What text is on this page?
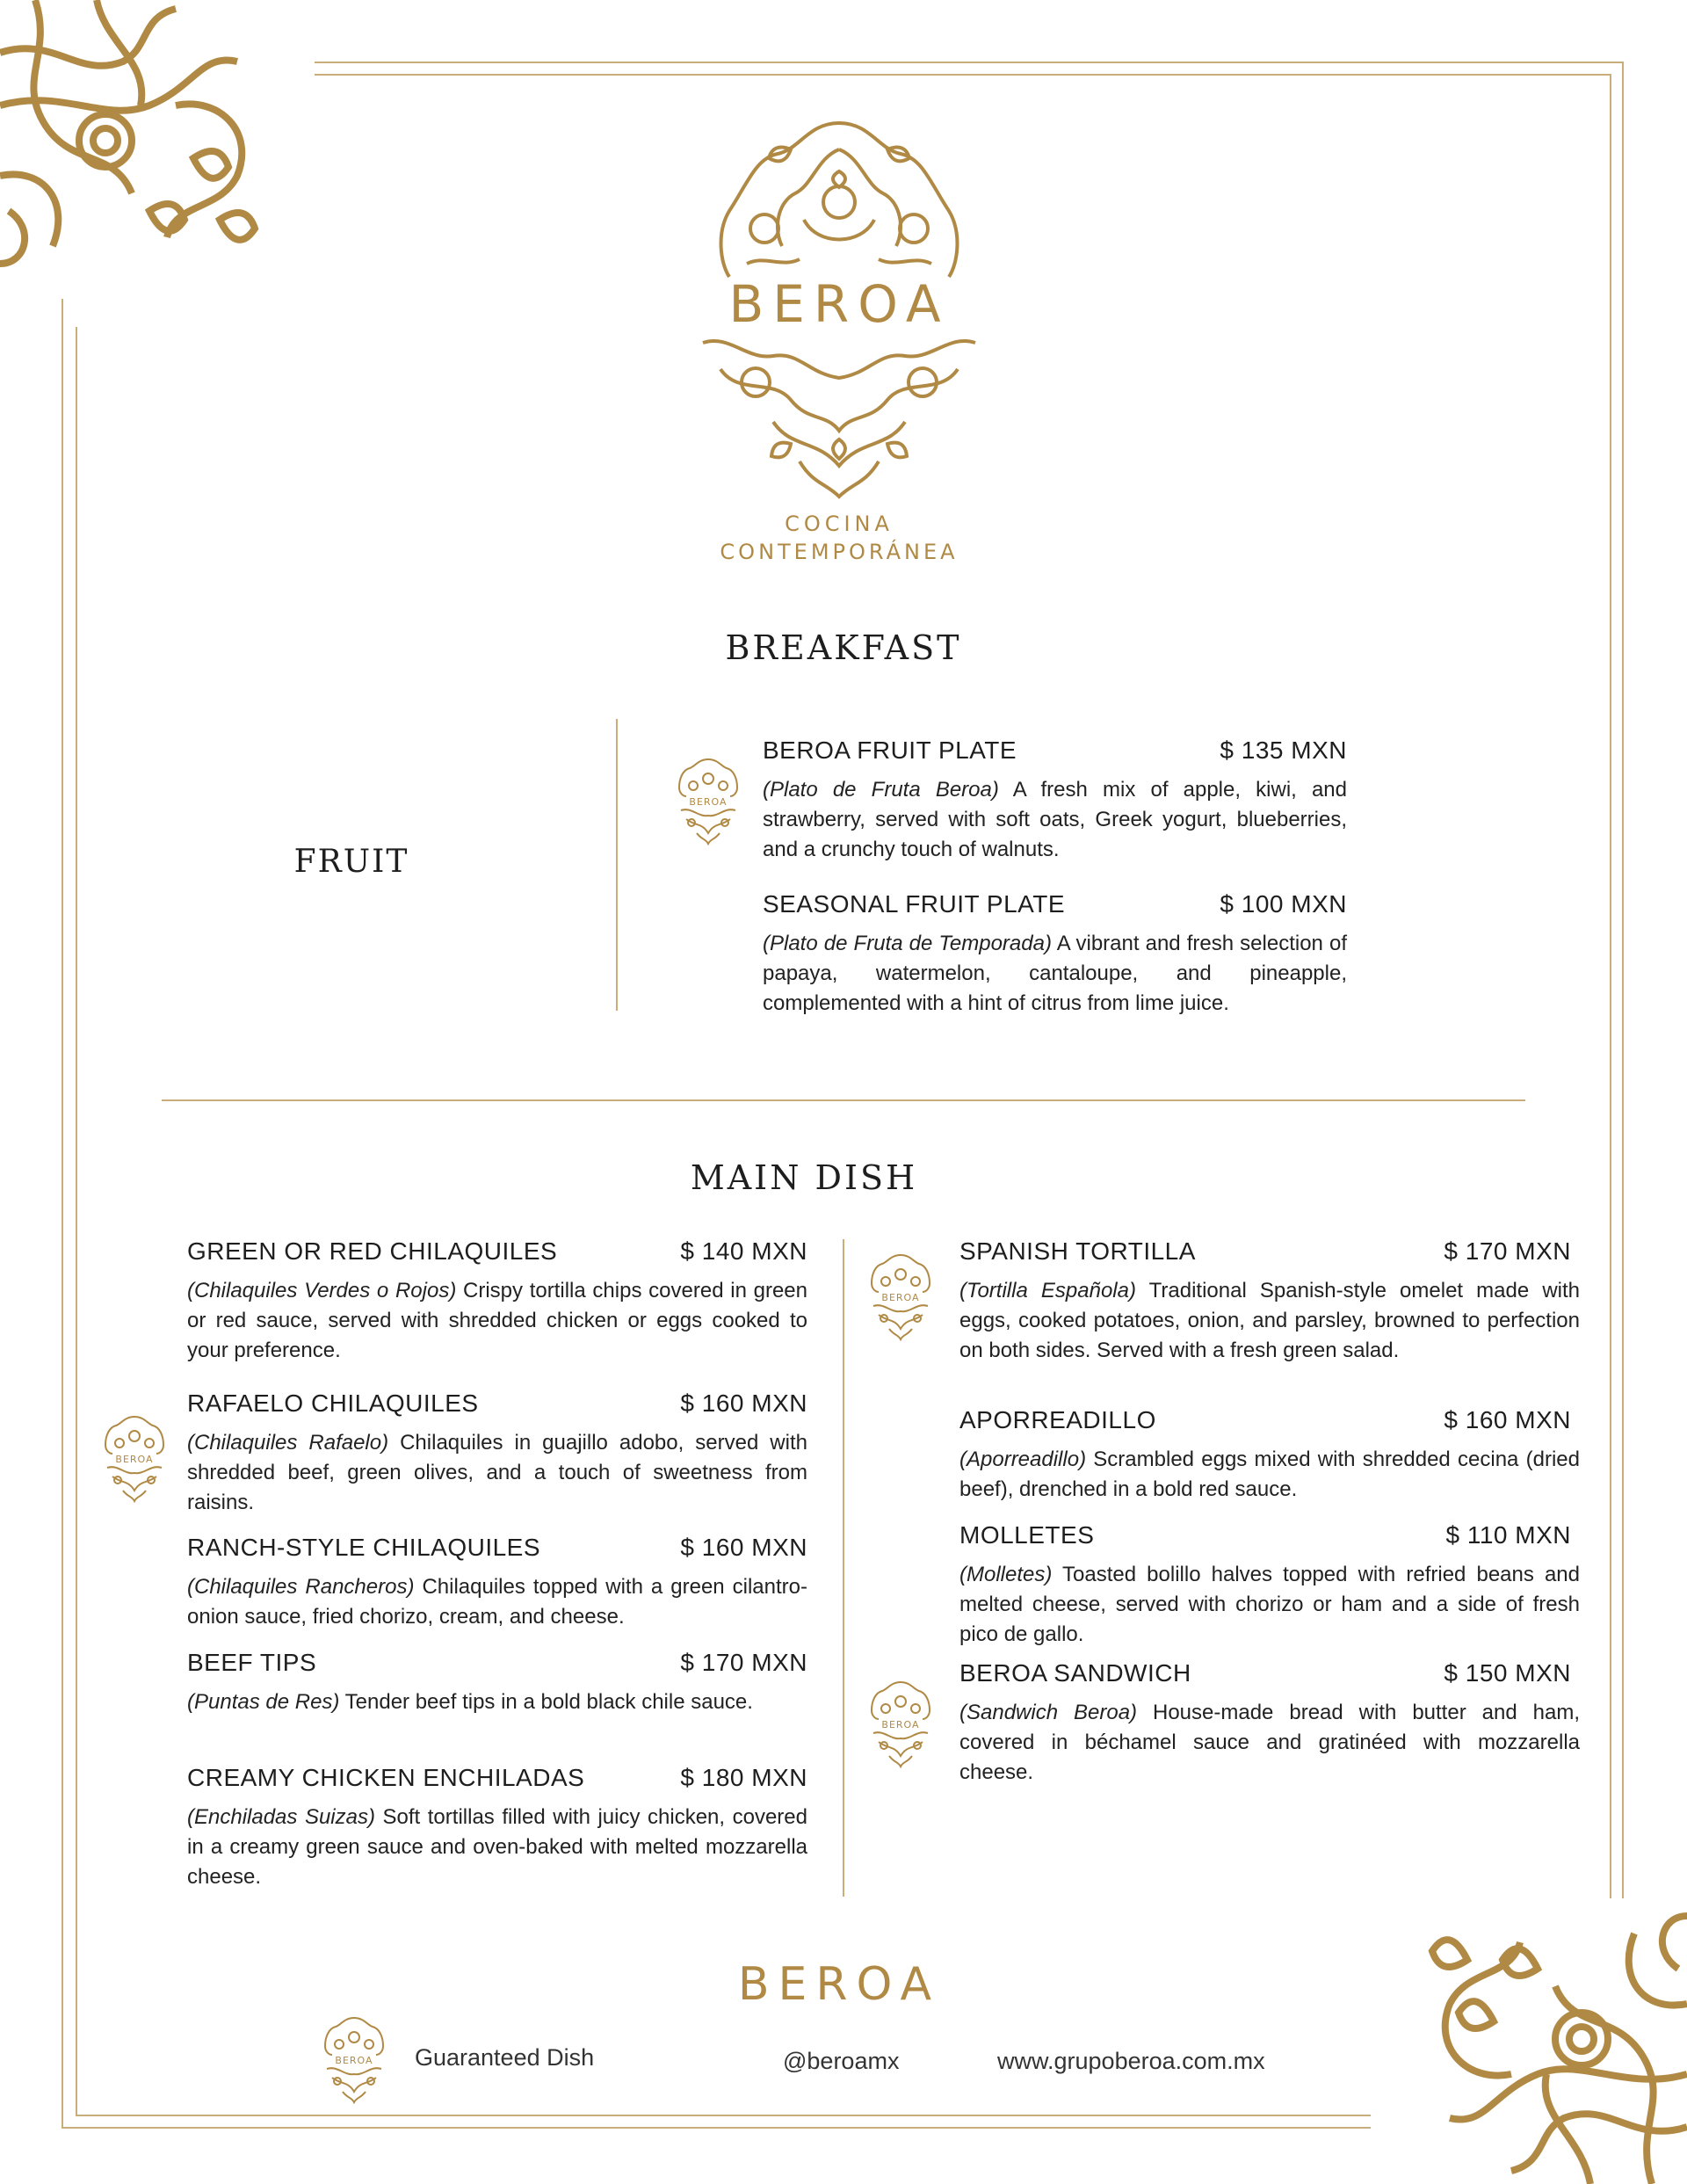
BEROA
COCINA
CONTEMPORÁNEA
BREAKFAST
FRUIT
BEROA FRUIT PLATE	$ 135 MXN
(Plato de Fruta Beroa) A fresh mix of apple, kiwi, and strawberry, served with soft oats, Greek yogurt, blueberries, and a crunchy touch of walnuts.
SEASONAL FRUIT PLATE	$ 100 MXN
(Plato de Fruta de Temporada) A vibrant and fresh selection of papaya, watermelon, cantaloupe, and pineapple, complemented with a hint of citrus from lime juice.
MAIN DISH
GREEN OR RED CHILAQUILES	$ 140 MXN
(Chilaquiles Verdes o Rojos) Crispy tortilla chips covered in green or red sauce, served with shredded chicken or eggs cooked to your preference.
RAFAELO CHILAQUILES	$ 160 MXN
(Chilaquiles Rafaelo) Chilaquiles in guajillo adobo, served with shredded beef, green olives, and a touch of sweetness from raisins.
RANCH-STYLE CHILAQUILES	$ 160 MXN
(Chilaquiles Rancheros) Chilaquiles topped with a green cilantro-onion sauce, fried chorizo, cream, and cheese.
BEEF TIPS	$ 170 MXN
(Puntas de Res) Tender beef tips in a bold black chile sauce.
CREAMY CHICKEN ENCHILADAS	$ 180 MXN
(Enchiladas Suizas) Soft tortillas filled with juicy chicken, covered in a creamy green sauce and oven-baked with melted mozzarella cheese.
SPANISH TORTILLA	$ 170 MXN
(Tortilla Española) Traditional Spanish-style omelet made with eggs, cooked potatoes, onion, and parsley, browned to perfection on both sides. Served with a fresh green salad.
APORREADILLO	$ 160 MXN
(Aporreadillo) Scrambled eggs mixed with shredded cecina (dried beef), drenched in a bold red sauce.
MOLLETES	$ 110 MXN
(Molletes) Toasted bolillo halves topped with refried beans and melted cheese, served with chorizo or ham and a side of fresh pico de gallo.
BEROA SANDWICH	$ 150 MXN
(Sandwich Beroa) House-made bread with butter and ham, covered in béchamel sauce and gratinéed with mozzarella cheese.
BEROA
Guaranteed Dish	@beroamx	www.grupoberoa.com.mx
